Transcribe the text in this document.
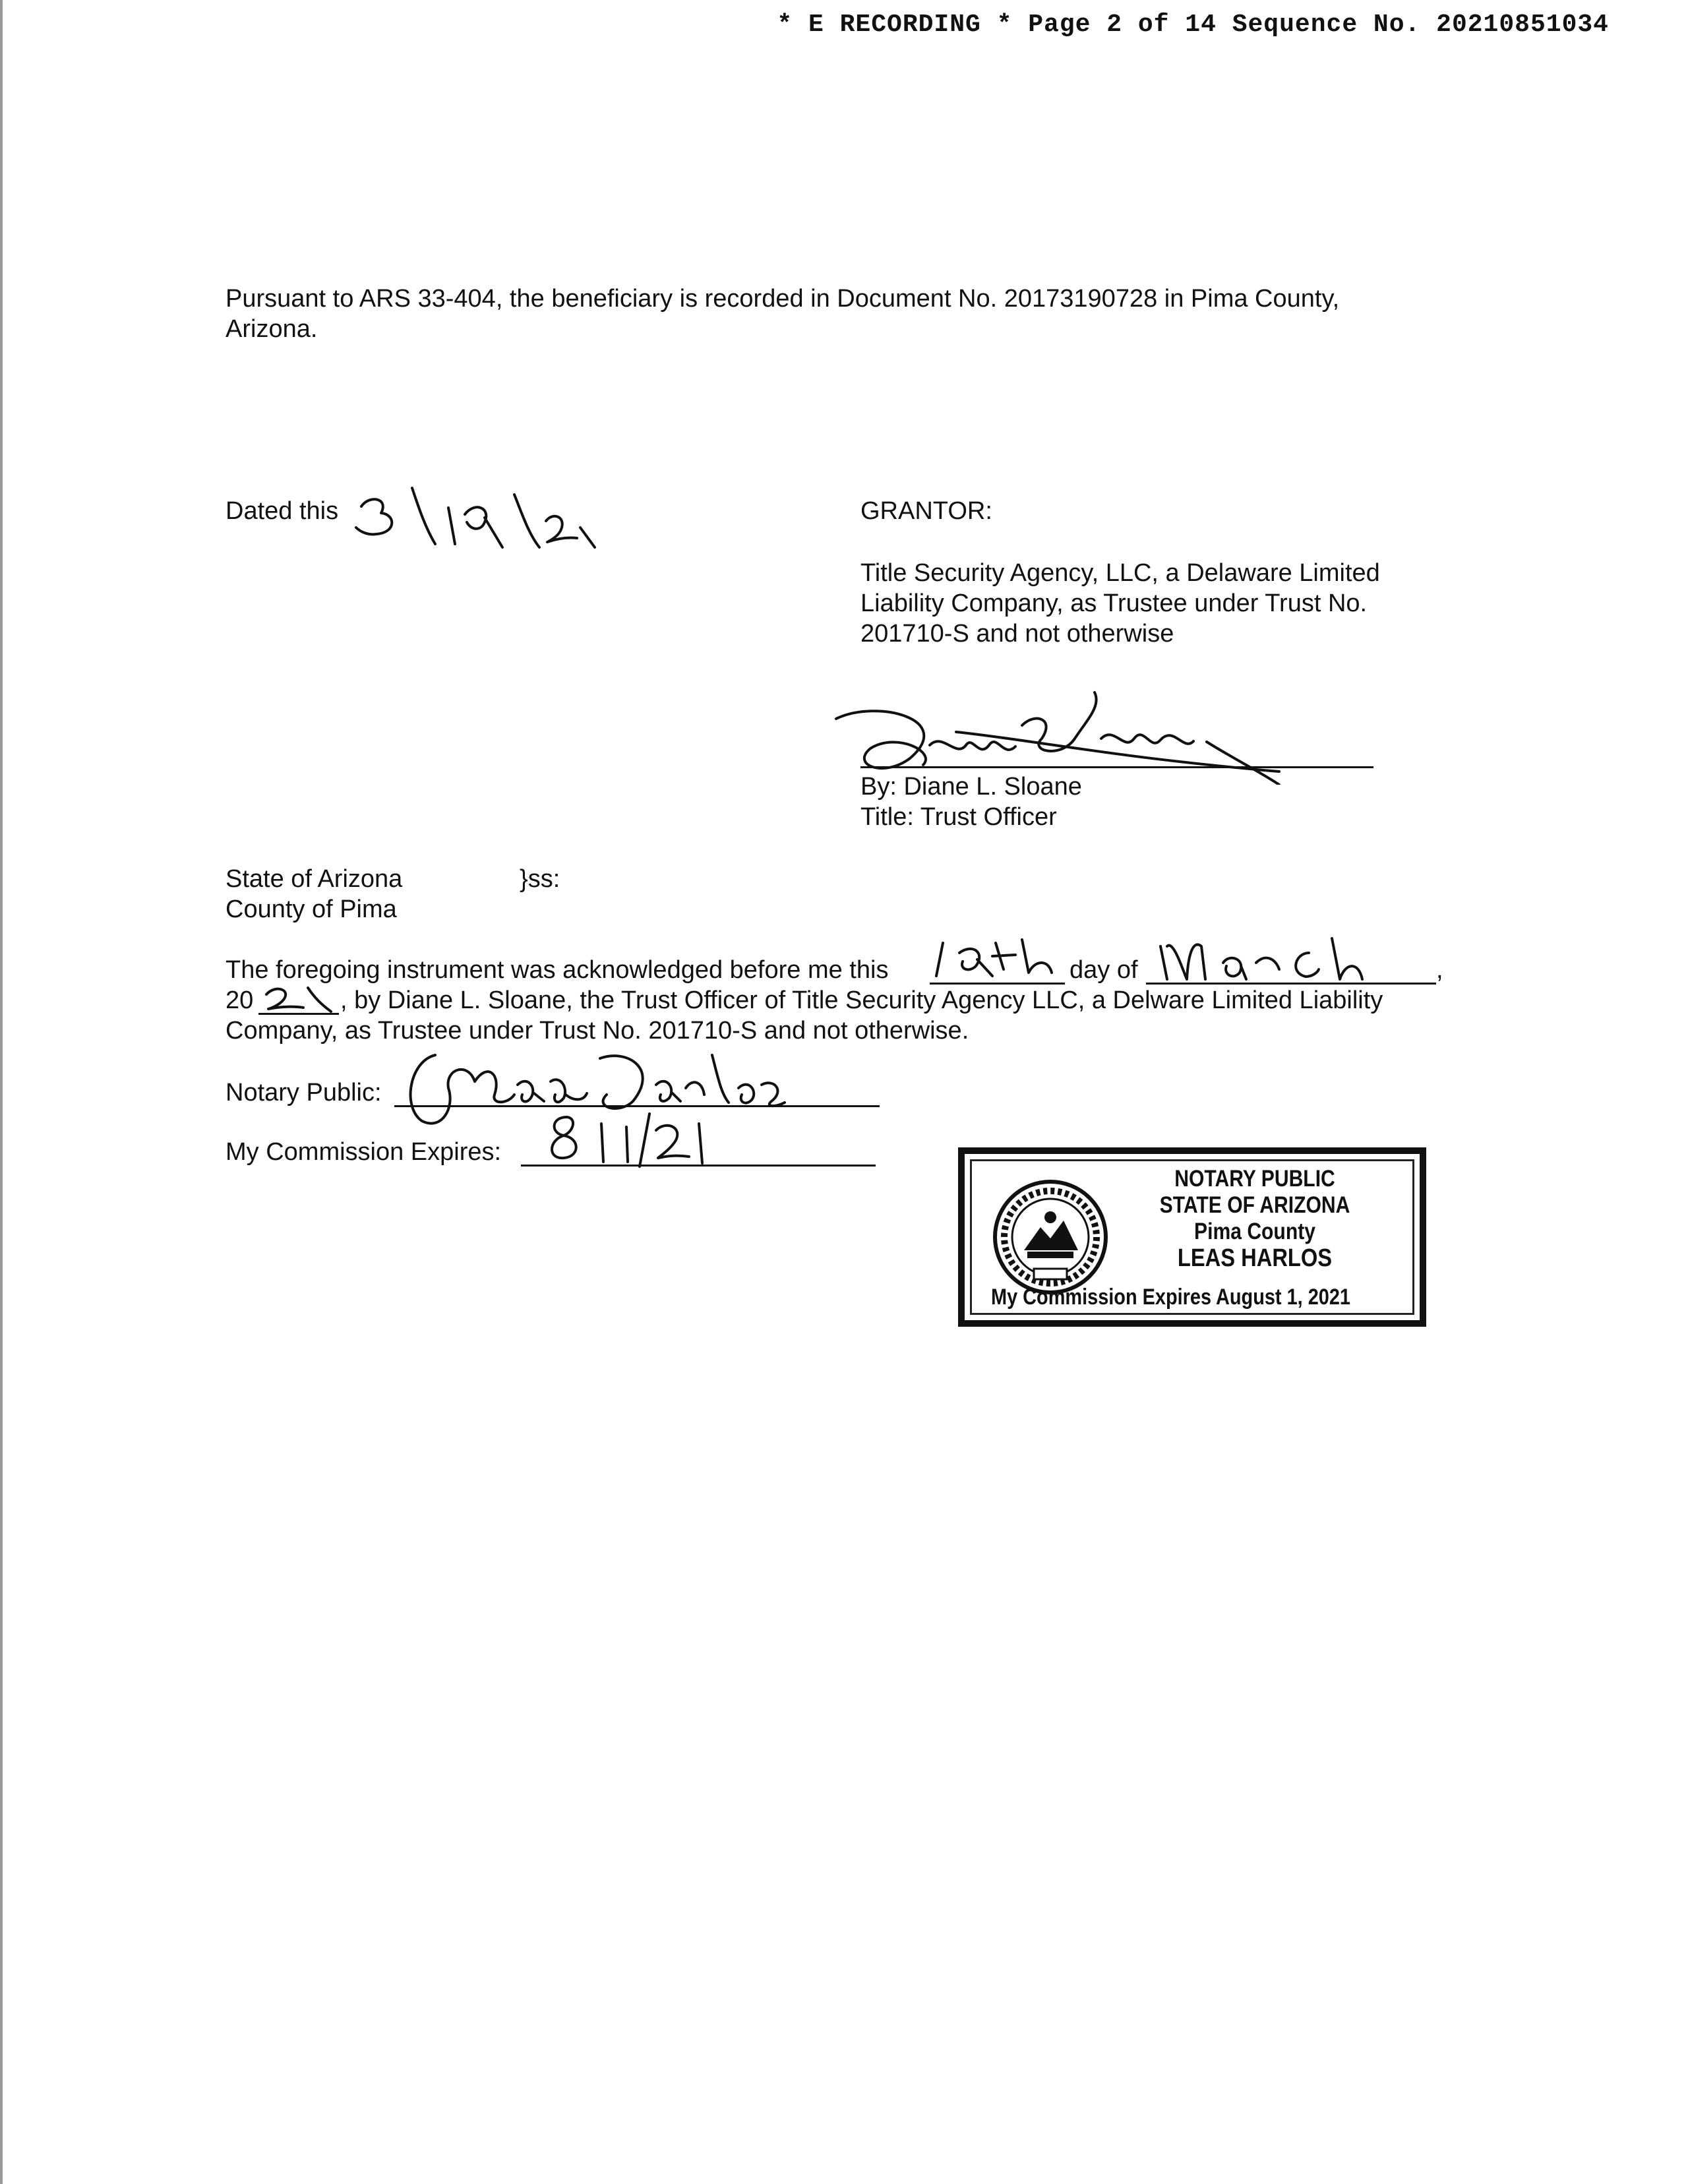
* E RECORDING * Page 2 of 14 Sequence No. 20210851034
Pursuant to ARS 33-404, the beneficiary is recorded in Document No. 20173190728 in Pima County,
Arizona.
Dated this	GRANTOR:
Title Security Agency, LLC, a Delaware Limited
Liability Company, as Trustee under Trust No.
201710-S and not otherwise
By: Diane L. Sloane
Title: Trust Officer
State of Arizona	}ss:
County of Pima
The foregoing instrument was acknowledged before me this	day of	,
20	, by Diane L. Sloane, the Trust Officer of Title Security Agency LLC, a Delware Limited Liability
Company, as Trustee under Trust No. 201710-S and not otherwise.
Notary Public:
My Commission Expires:
NOTARY PUBLIC
STATE OF ARIZONA
Pima County
LEAS HARLOS
My Commission Expires August 1, 2021
